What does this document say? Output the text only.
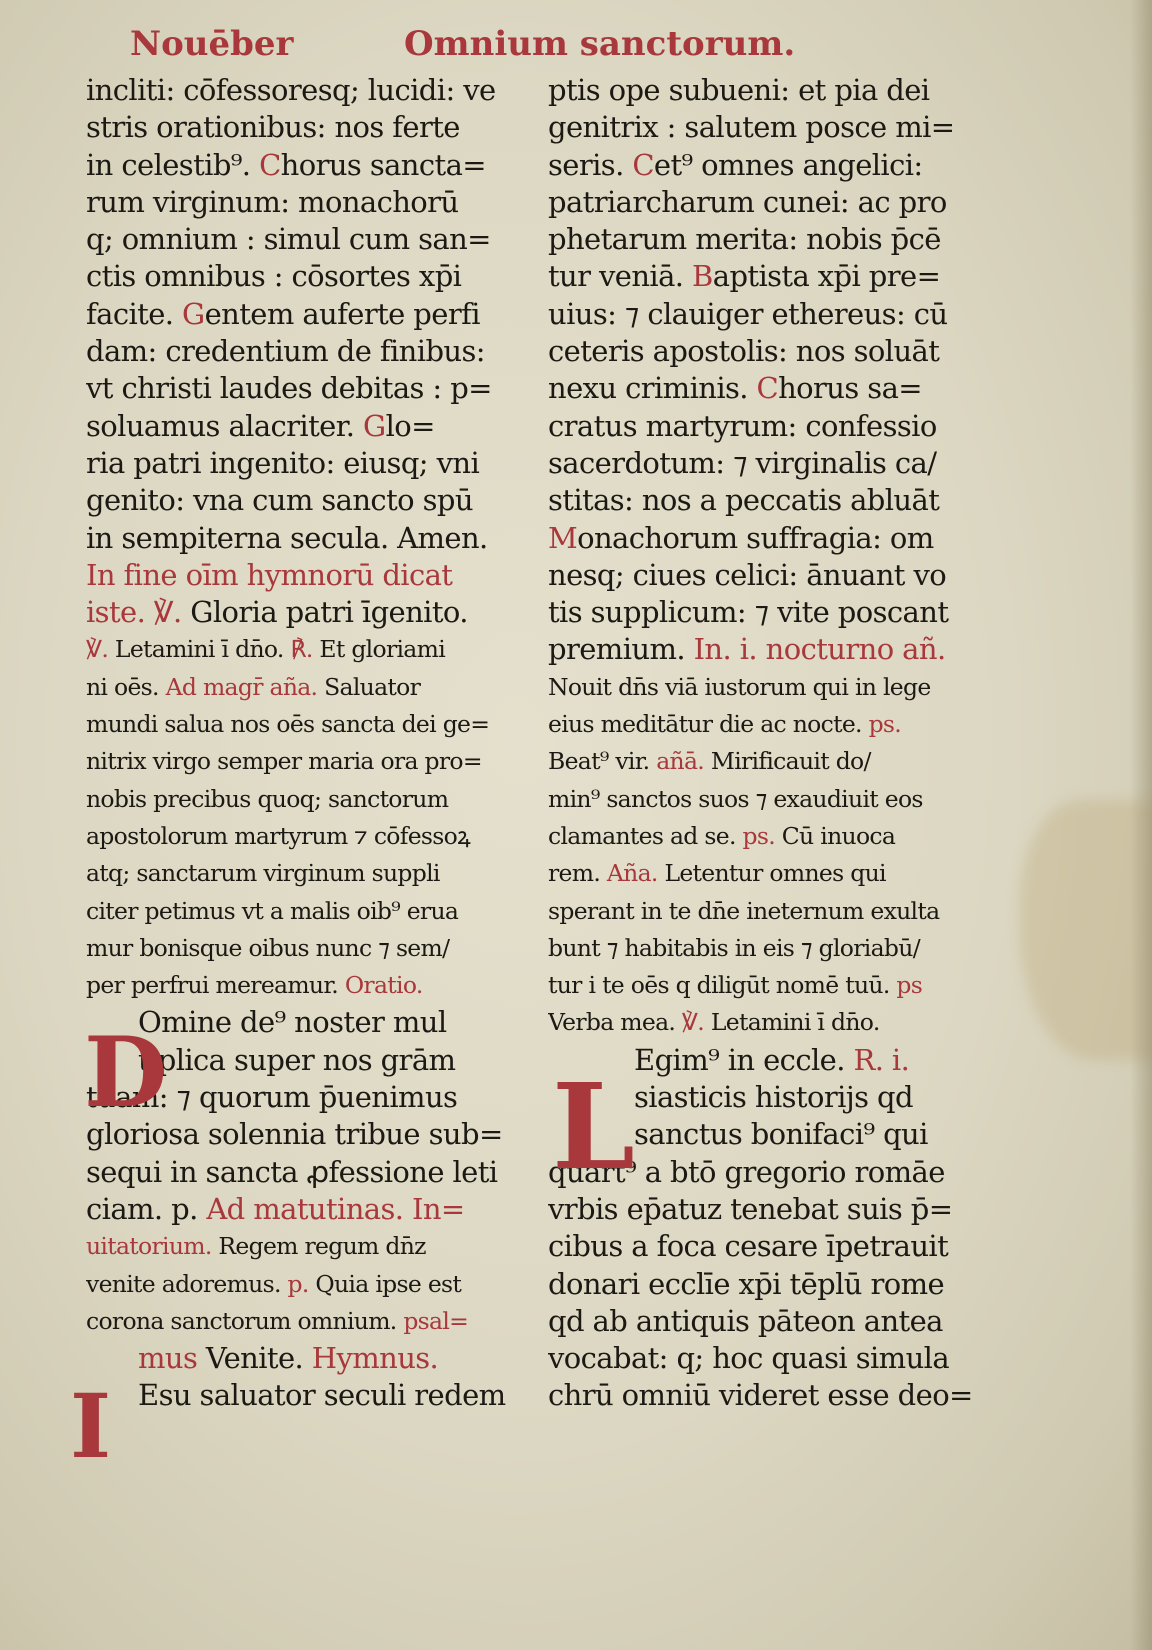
Nouēber	Omnium sanctorum.
incliti: cōfessoresq; lucidi: ve
stris orationibus: nos ferte
in celestib⁹. Chorus sancta=
rum virginum: monachorū
q; omnium : simul cum san=
ctis omnibus : cōsortes xp̄i
facite. Gentem auferte perfi
dam: credentium de finibus:
vt christi laudes debitas : p=
soluamus alacriter. Glo=
ria patri ingenito: eiusq; vni
genito: vna cum sancto spū
in sempiterna secula. Amen.
In fine oīm hymnorū dicat
iste. ℣. Gloria patri īgenito.
℣. Letamini ī dn̄o. ℟. Et gloriami
ni oēs. Ad magr̄ aña. Saluator
mundi salua nos oēs sancta dei ge=
nitrix virgo semper maria ora pro=
nobis precibus quoq; sanctorum
apostolorum martyrum ⁊ cōfessoꝝ
atq; sanctarum virginum suppli
citer petimus vt a malis oib⁹ erua
mur bonisque oibus nunc ⁊ sem/
per perfrui mereamur. Oratio.
Omine de⁹ noster mul
tiplica super nos grām
tuam: ⁊ quorum p̄uenimus
gloriosa solennia tribue sub=
sequi in sancta ꝓfessione leti
ciam. p. Ad matutinas. In=
uitatorium. Regem regum dn̄z
venite adoremus. p. Quia ipse est
corona sanctorum omnium. psal=
mus Venite. Hymnus.
Esu saluator seculi redem
ptis ope subueni: et pia dei
genitrix : salutem posce mi=
seris. Cet⁹ omnes angelici:
patriarcharum cunei: ac pro
phetarum merita: nobis p̄cē
tur veniā. Baptista xp̄i pre=
uius: ⁊ clauiger ethereus: cū
ceteris apostolis: nos soluāt
nexu criminis. Chorus sa=
cratus martyrum: confessio
sacerdotum: ⁊ virginalis ca/
stitas: nos a peccatis abluāt
Monachorum suffragia: om
nesq; ciues celici: ānuant vo
tis supplicum: ⁊ vite poscant
premium. In. i. nocturno añ.
Nouit dn̄s viā iustorum qui in lege
eius meditātur die ac nocte. ps.
Beat⁹ vir. añā. Mirificauit do/
min⁹ sanctos suos ⁊ exaudiuit eos
clamantes ad se. ps. Cū inuoca
rem. Aña. Letentur omnes qui
sperant in te dn̄e ineternum exulta
bunt ⁊ habitabis in eis ⁊ gloriabū/
tur i te oēs q diligūt nomē tuū. ps
Verba mea. ℣. Letamini ī dn̄o.
Egim⁹ in eccle. R. i.
siasticis historijs qd
sanctus bonifaci⁹ qui
quart⁹ a btō gregorio romāe
vrbis ep̄atuz tenebat suis p̄=
cibus a foca cesare īpetrauit
donari ecclīe xp̄i tēplū rome
qd ab antiquis pāteon antea
vocabat: q; hoc quasi simula
chrū omniū videret esse deo=
D	L
I
